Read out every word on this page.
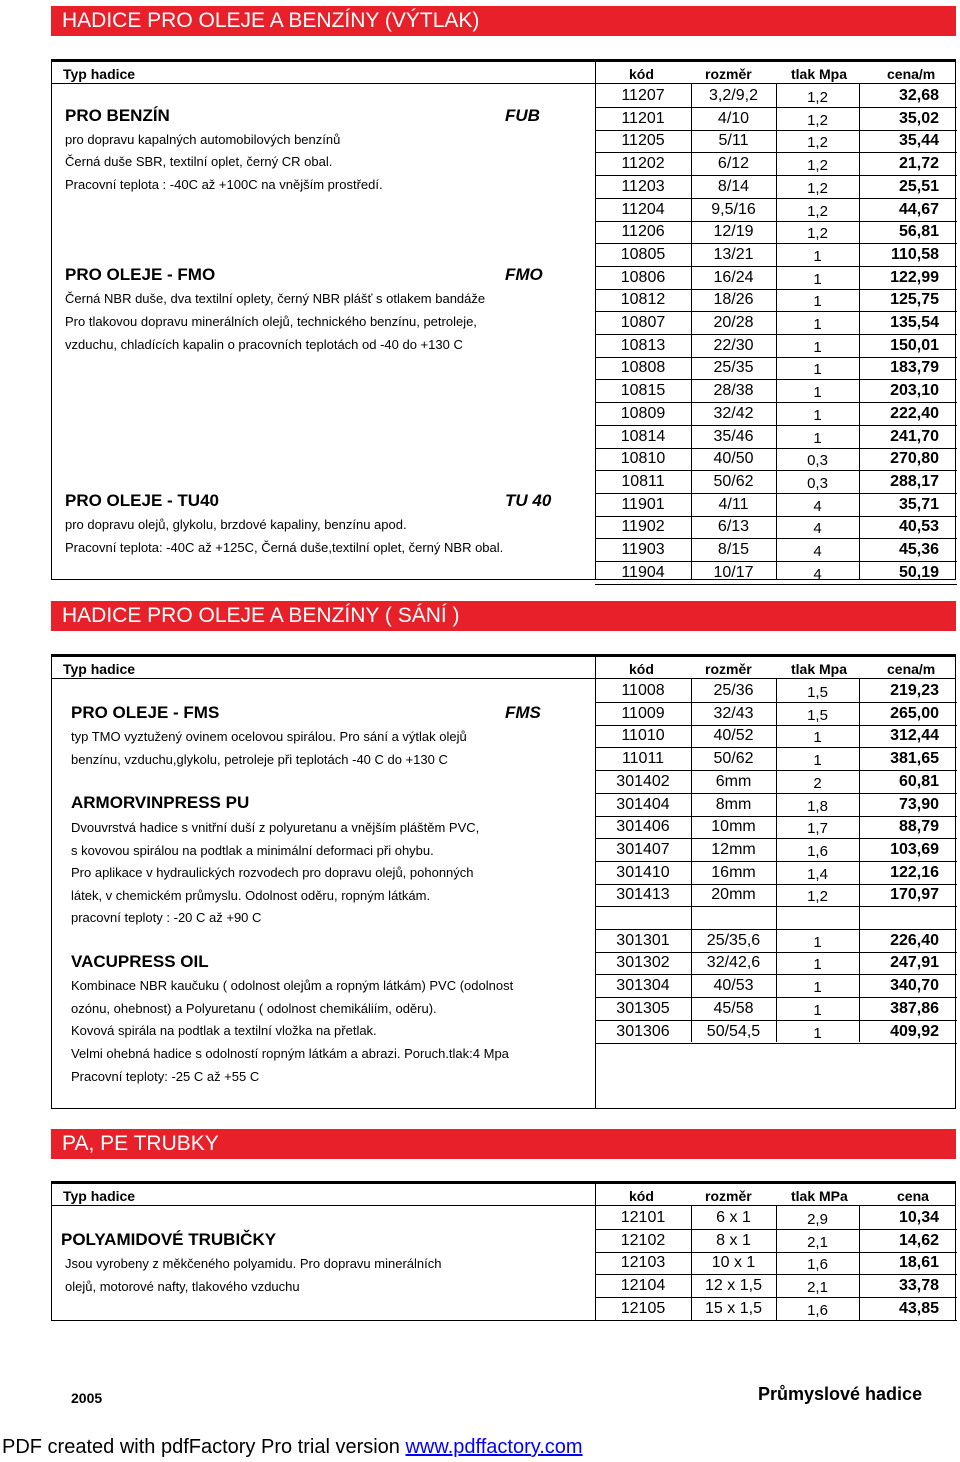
HADICE PRO OLEJE A BENZÍNY (VÝTLAK)
Typ hadice	kód	rozměr	tlak Mpa	cena/m
11207	3,2/9,2	1,2	32,68
11201	4/10	1,2	35,02
11205	5/11	1,2	35,44
11202	6/12	1,2	21,72
11203	8/14	1,2	25,51
11204	9,5/16	1,2	44,67
11206	12/19	1,2	56,81
10805	13/21	1	110,58
10806	16/24	1	122,99
10812	18/26	1	125,75
10807	20/28	1	135,54
10813	22/30	1	150,01
10808	25/35	1	183,79
10815	28/38	1	203,10
10809	32/42	1	222,40
10814	35/46	1	241,70
10810	40/50	0,3	270,80
10811	50/62	0,3	288,17
11901	4/11	4	35,71
11902	6/13	4	40,53
11903	8/15	4	45,36
11904	10/17	4	50,19
PRO BENZÍN	FUB
pro dopravu kapalných automobilových benzínů
Černá duše SBR, textilní oplet, černý CR obal.
Pracovní teplota : -40C až +100C na vnějším prostředí.
PRO OLEJE - FMO	FMO
Černá NBR duše, dva textilní oplety, černý NBR plášť s otlakem bandáže
Pro tlakovou dopravu minerálních olejů, technického benzínu, petroleje,
vzduchu, chladících kapalin o pracovních teplotách od -40 do +130 C
PRO OLEJE - TU40	TU 40
pro dopravu olejů, glykolu, brzdové kapaliny, benzínu apod.
Pracovní teplota: -40C až +125C, Černá duše,textilní oplet, černý NBR obal.
HADICE PRO OLEJE A BENZÍNY ( SÁNÍ )
Typ hadice	kód	rozměr	tlak Mpa	cena/m
11008	25/36	1,5	219,23
11009	32/43	1,5	265,00
11010	40/52	1	312,44
11011	50/62	1	381,65
301402	6mm	2	60,81
301404	8mm	1,8	73,90
301406	10mm	1,7	88,79
301407	12mm	1,6	103,69
301410	16mm	1,4	122,16
301413	20mm	1,2	170,97
301301	25/35,6	1	226,40
301302	32/42,6	1	247,91
301304	40/53	1	340,70
301305	45/58	1	387,86
301306	50/54,5	1	409,92
PRO OLEJE - FMS	FMS
typ TMO vyztužený ovinem ocelovou spirálou. Pro sání a výtlak olejů
benzínu, vzduchu,glykolu, petroleje při teplotách -40 C do +130 C
ARMORVINPRESS PU
Dvouvrstvá hadice s vnitřní duší z polyuretanu a vnějším pláštěm PVC,
s kovovou spirálou na podtlak a minimální deformaci při ohybu.
Pro aplikace v hydraulických rozvodech pro dopravu olejů, pohonných
látek, v chemickém průmyslu. Odolnost oděru, ropným látkám.
pracovní teploty : -20 C až +90 C
VACUPRESS OIL
Kombinace NBR kaučuku ( odolnost olejům a ropným látkám) PVC (odolnost
ozónu, ohebnost) a Polyuretanu ( odolnost chemikáliím, oděru).
Kovová spirála na podtlak a textilní vložka na přetlak.
Velmi ohebná hadice s odolností ropným látkám a abrazi. Poruch.tlak:4 Mpa
Pracovní teploty: -25 C až +55 C
PA, PE TRUBKY
Typ hadice	kód	rozměr	tlak MPa	cena
12101	6 x 1	2,9	10,34
12102	8 x 1	2,1	14,62
12103	10 x 1	1,6	18,61
12104	12 x 1,5	2,1	33,78
12105	15 x 1,5	1,6	43,85
POLYAMIDOVÉ TRUBIČKY
Jsou vyrobeny z měkčeného polyamidu. Pro dopravu minerálních
olejů, motorové nafty, tlakového vzduchu
2005	Průmyslové hadice
PDF created with pdfFactory Pro trial version www.pdffactory.com
